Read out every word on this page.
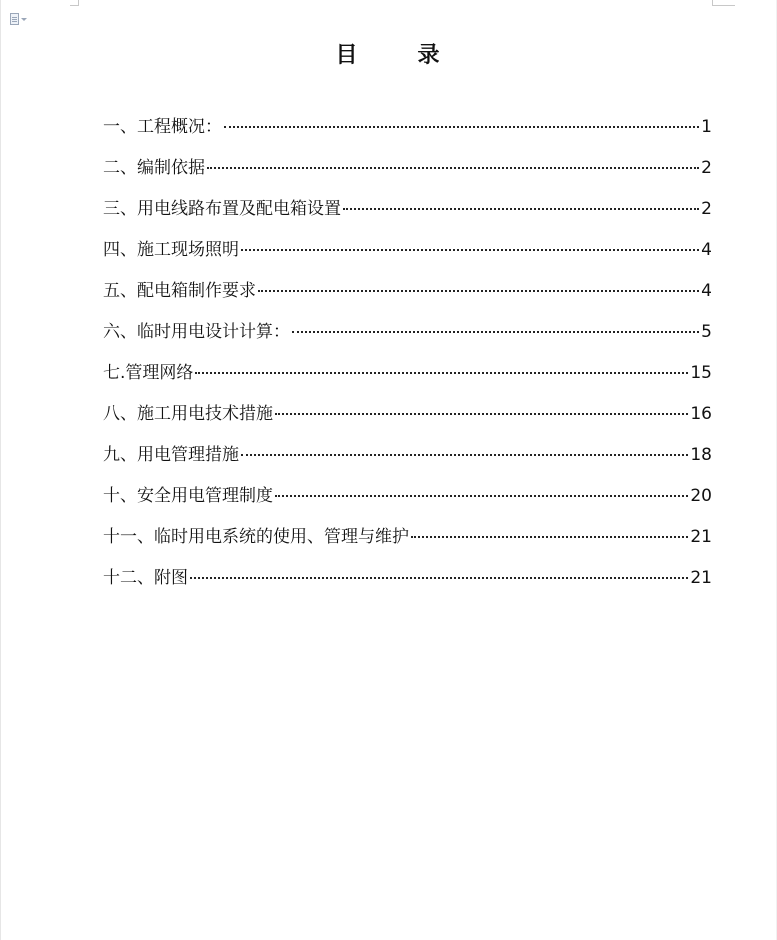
目	录
一、工程概况：	1
二、编制依据	2
三、用电线路布置及配电箱设置	2
四、施工现场照明	4
五、配电箱制作要求	4
六、临时用电设计计算：	5
七.管理网络	15
八、施工用电技术措施	16
九、用电管理措施	18
十、安全用电管理制度	20
十一、临时用电系统的使用、管理与维护	21
十二、附图	21
